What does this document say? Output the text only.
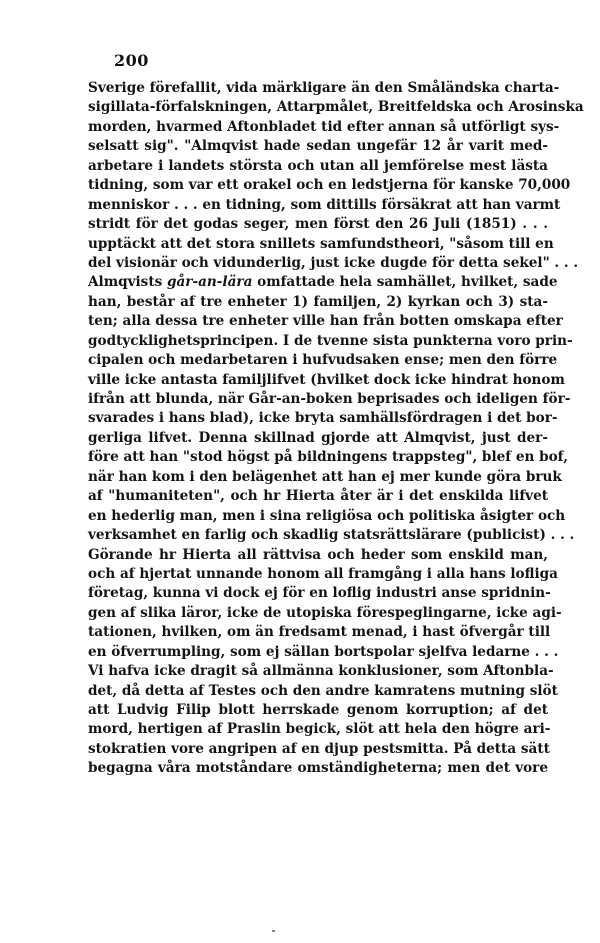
200
Sverige förefallit, vida märkligare än den Småländska charta-
sigillata-förfalskningen, Attarpmålet, Breitfeldska och Arosinska
morden, hvarmed Aftonbladet tid efter annan så utförligt sys-
selsatt sig". "Almqvist hade sedan ungefär 12 år varit med-
arbetare i landets största och utan all jemförelse mest lästa
tidning, som var ett orakel och en ledstjerna för kanske 70,000
menniskor . . . en tidning, som dittills försäkrat att han varmt
stridt för det godas seger, men först den 26 Juli (1851) . . .
upptäckt att det stora snillets samfundstheori, "såsom till en
del visionär och vidunderlig, just icke dugde för detta sekel" . . .
Almqvists går-an-lära omfattade hela samhället, hvilket, sade
han, består af tre enheter 1) familjen, 2) kyrkan och 3) sta-
ten; alla dessa tre enheter ville han från botten omskapa efter
godtycklighetsprincipen. I de tvenne sista punkterna voro prin-
cipalen och medarbetaren i hufvudsaken ense; men den förre
ville icke antasta familjlifvet (hvilket dock icke hindrat honom
ifrån att blunda, när Går-an-boken beprisades och ideligen för-
svarades i hans blad), icke bryta samhällsfördragen i det bor-
gerliga lifvet. Denna skillnad gjorde att Almqvist, just der-
före att han "stod högst på bildningens trappsteg", blef en bof,
när han kom i den belägenhet att han ej mer kunde göra bruk
af "humaniteten", och hr Hierta åter är i det enskilda lifvet
en hederlig man, men i sina religiösa och politiska åsigter och
verksamhet en farlig och skadlig statsrättslärare (publicist) . . .
Görande hr Hierta all rättvisa och heder som enskild man,
och af hjertat unnande honom all framgång i alla hans lofliga
företag, kunna vi dock ej för en loflig industri anse spridnin-
gen af slika läror, icke de utopiska förespeglingarne, icke agi-
tationen, hvilken, om än fredsamt menad, i hast öfvergår till
en öfverrumpling, som ej sällan bortspolar sjelfva ledarne . . .
Vi hafva icke dragit så allmänna konklusioner, som Aftonbla-
det, då detta af Testes och den andre kamratens mutning slöt
att Ludvig Filip blott herrskade genom korruption; af det
mord, hertigen af Praslin begick, slöt att hela den högre ari-
stokratien vore angripen af en djup pestsmitta. På detta sätt
begagna våra motståndare omständigheterna; men det vore
